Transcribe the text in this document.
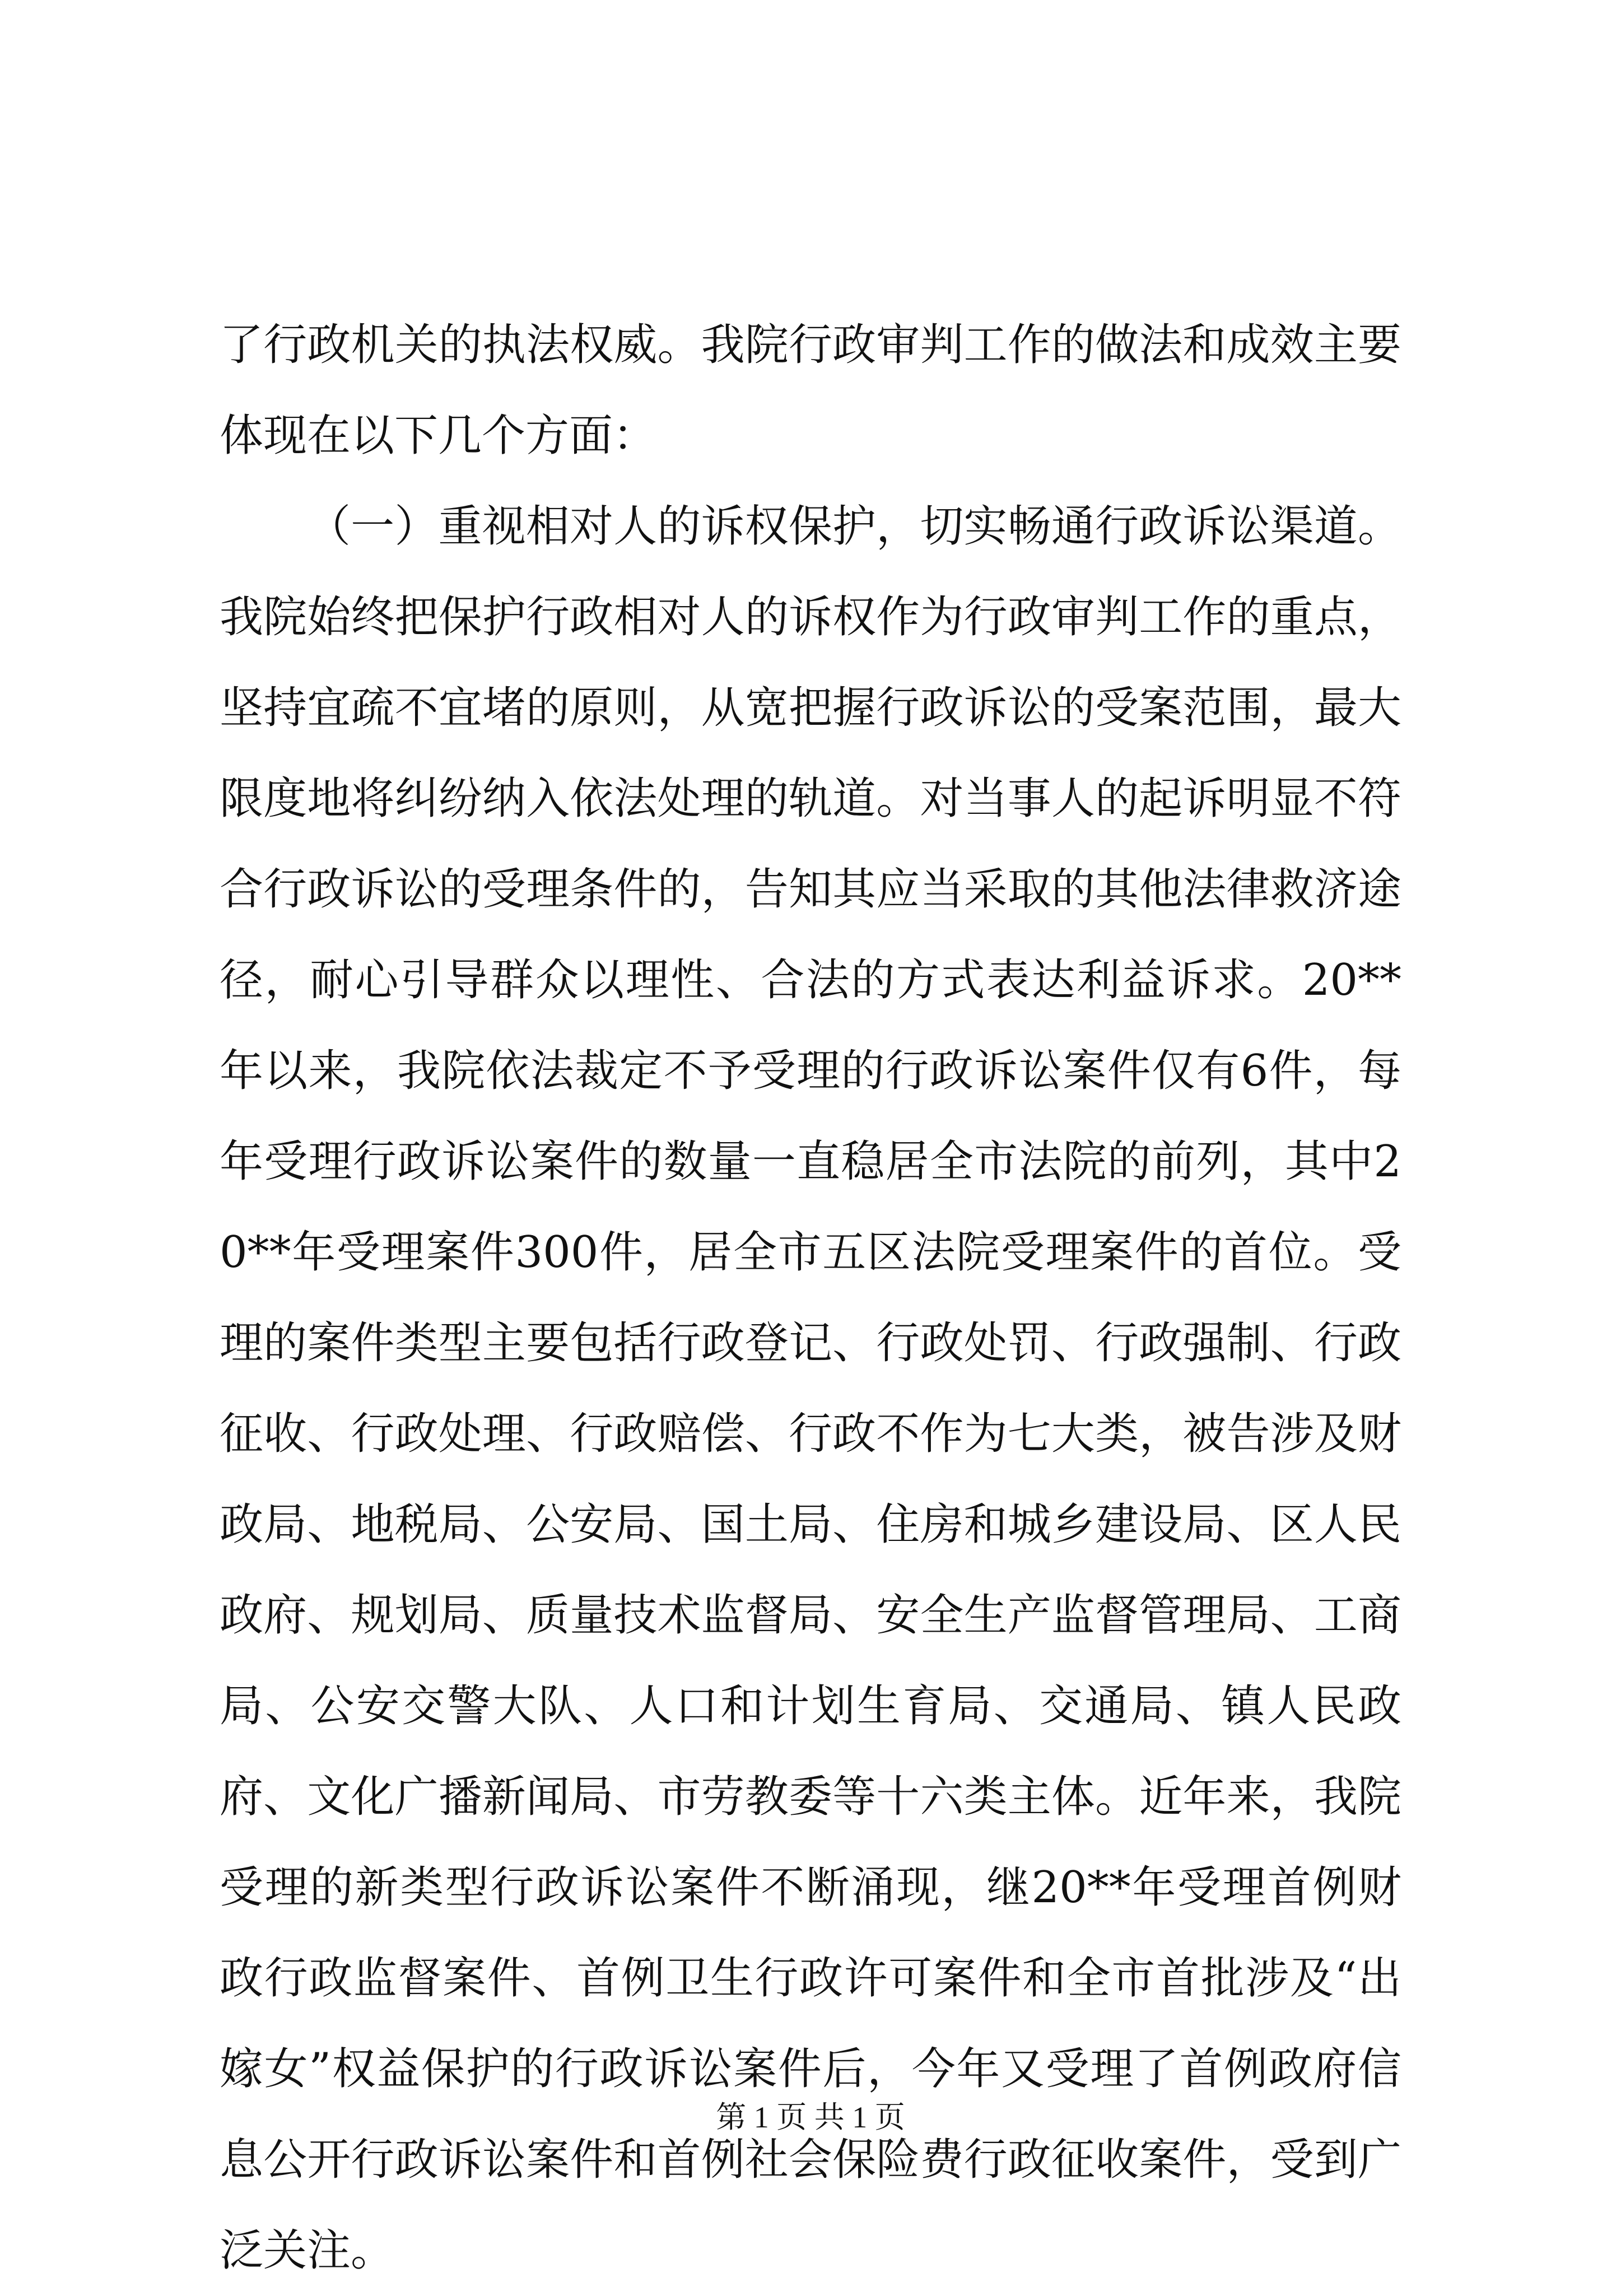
了行政机关的执法权威。我院行政审判工作的做法和成效主要体现在以下几个方面：

（一）重视相对人的诉权保护，切实畅通行政诉讼渠道。我院始终把保护行政相对人的诉权作为行政审判工作的重点，坚持宜疏不宜堵的原则，从宽把握行政诉讼的受案范围，最大限度地将纠纷纳入依法处理的轨道。对当事人的起诉明显不符合行政诉讼的受理条件的，告知其应当采取的其他法律救济途径，耐心引导群众以理性、合法的方式表达利益诉求。20**年以来，我院依法裁定不予受理的行政诉讼案件仅有6件，每年受理行政诉讼案件的数量一直稳居全市法院的前列，其中20**年受理案件300件，居全市五区法院受理案件的首位。受理的案件类型主要包括行政登记、行政处罚、行政强制、行政征收、行政处理、行政赔偿、行政不作为七大类，被告涉及财政局、地税局、公安局、国土局、住房和城乡建设局、区人民政府、规划局、质量技术监督局、安全生产监督管理局、工商局、公安交警大队、人口和计划生育局、交通局、镇人民政府、文化广播新闻局、市劳教委等十六类主体。近年来，我院受理的新类型行政诉讼案件不断涌现，继20**年受理首例财政行政监督案件、首例卫生行政许可案件和全市首批涉及“出嫁女”权益保护的行政诉讼案件后，今年又受理了首例政府信息公开行政诉讼案件和首例社会保险费行政征收案件，受到广泛关注。

第 1 页 共 1 页
